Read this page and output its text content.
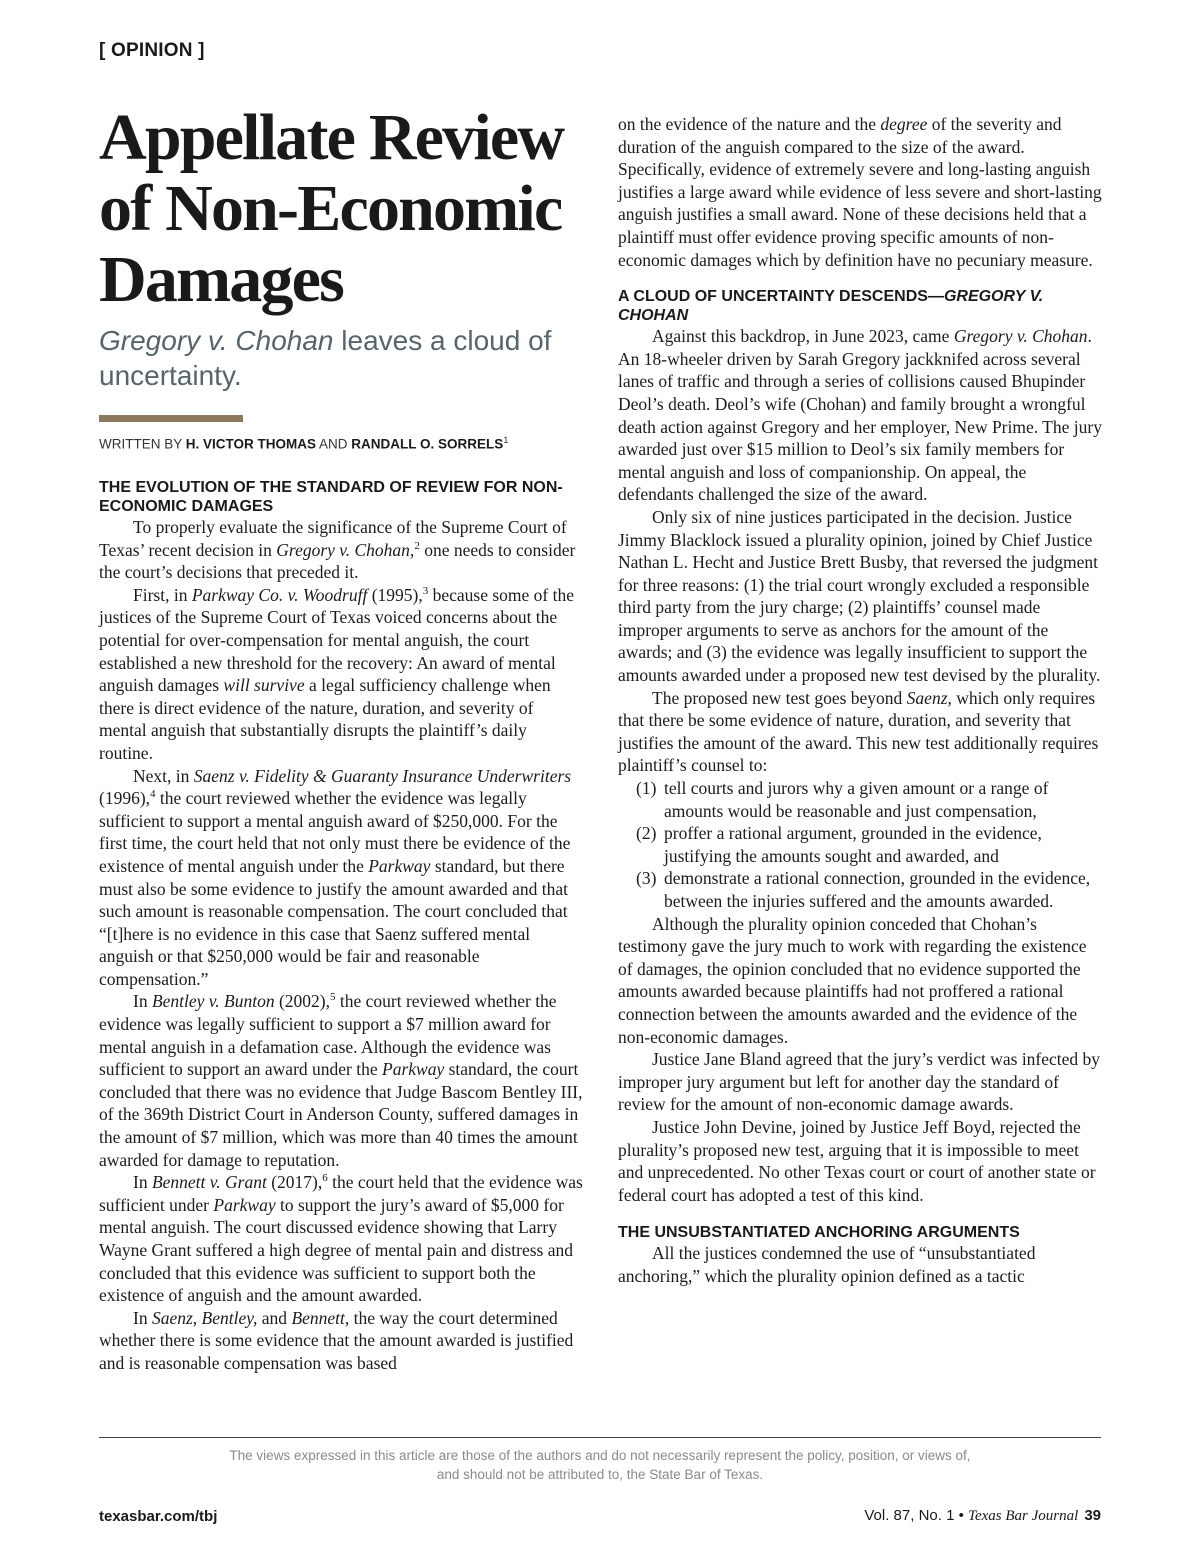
[ OPINION ]
Appellate Review of Non-Economic Damages
Gregory v. Chohan leaves a cloud of uncertainty.
WRITTEN BY H. VICTOR THOMAS AND RANDALL O. SORRELS$^1$
THE EVOLUTION OF THE STANDARD OF REVIEW FOR NON-ECONOMIC DAMAGES

To properly evaluate the significance of the Supreme Court of Texas’ recent decision in Gregory v. Chohan,$^2$ one needs to consider the court’s decisions that preceded it.

First, in Parkway Co. v. Woodruff (1995),$^3$ because some of the justices of the Supreme Court of Texas voiced concerns about the potential for over-compensation for mental anguish, the court established a new threshold for the recovery: An award of mental anguish damages will survive a legal sufficiency challenge when there is direct evidence of the nature, duration, and severity of mental anguish that substantially disrupts the plaintiff’s daily routine.

Next, in Saenz v. Fidelity & Guaranty Insurance Underwriters (1996),$^4$ the court reviewed whether the evidence was legally sufficient to support a mental anguish award of $250,000. For the first time, the court held that not only must there be evidence of the existence of mental anguish under the Parkway standard, but there must also be some evidence to justify the amount awarded and that such amount is reasonable compensation. The court concluded that “[t]here is no evidence in this case that Saenz suffered mental anguish or that $250,000 would be fair and reasonable compensation.”

In Bentley v. Bunton (2002),$^5$ the court reviewed whether the evidence was legally sufficient to support a $7 million award for mental anguish in a defamation case. Although the evidence was sufficient to support an award under the Parkway standard, the court concluded that there was no evidence that Judge Bascom Bentley III, of the 369th District Court in Anderson County, suffered damages in the amount of $7 million, which was more than 40 times the amount awarded for damage to reputation.

In Bennett v. Grant (2017),$^6$ the court held that the evidence was sufficient under Parkway to support the jury’s award of $5,000 for mental anguish. The court discussed evidence showing that Larry Wayne Grant suffered a high degree of mental pain and distress and concluded that this evidence was sufficient to support both the existence of anguish and the amount awarded.

In Saenz, Bentley, and Bennett, the way the court determined whether there is some evidence that the amount awarded is justified and is reasonable compensation was based

on the evidence of the nature and the degree of the severity and duration of the anguish compared to the size of the award. Specifically, evidence of extremely severe and long-lasting anguish justifies a large award while evidence of less severe and short-lasting anguish justifies a small award. None of these decisions held that a plaintiff must offer evidence proving specific amounts of non-economic damages which by definition have no pecuniary measure.

A CLOUD OF UNCERTAINTY DESCENDS—GREGORY V. CHOHAN

Against this backdrop, in June 2023, came Gregory v. Chohan. An 18-wheeler driven by Sarah Gregory jackknifed across several lanes of traffic and through a series of collisions caused Bhupinder Deol’s death. Deol’s wife (Chohan) and family brought a wrongful death action against Gregory and her employer, New Prime. The jury awarded just over $15 million to Deol’s six family members for mental anguish and loss of companionship. On appeal, the defendants challenged the size of the award.

Only six of nine justices participated in the decision. Justice Jimmy Blacklock issued a plurality opinion, joined by Chief Justice Nathan L. Hecht and Justice Brett Busby, that reversed the judgment for three reasons: (1) the trial court wrongly excluded a responsible third party from the jury charge; (2) plaintiffs’ counsel made improper arguments to serve as anchors for the amount of the awards; and (3) the evidence was legally insufficient to support the amounts awarded under a proposed new test devised by the plurality.

The proposed new test goes beyond Saenz, which only requires that there be some evidence of nature, duration, and severity that justifies the amount of the award. This new test additionally requires plaintiff’s counsel to:

(1) tell courts and jurors why a given amount or a range of amounts would be reasonable and just compensation,
(2) proffer a rational argument, grounded in the evidence, justifying the amounts sought and awarded, and
(3) demonstrate a rational connection, grounded in the evidence, between the injuries suffered and the amounts awarded.

Although the plurality opinion conceded that Chohan’s testimony gave the jury much to work with regarding the existence of damages, the opinion concluded that no evidence supported the amounts awarded because plaintiffs had not proffered a rational connection between the amounts awarded and the evidence of the non-economic damages.

Justice Jane Bland agreed that the jury’s verdict was infected by improper jury argument but left for another day the standard of review for the amount of non-economic damage awards.

Justice John Devine, joined by Justice Jeff Boyd, rejected the plurality’s proposed new test, arguing that it is impossible to meet and unprecedented. No other Texas court or court of another state or federal court has adopted a test of this kind.

THE UNSUBSTANTIATED ANCHORING ARGUMENTS

All the justices condemned the use of “unsubstantiated anchoring,” which the plurality opinion defined as a tactic

The views expressed in this article are those of the authors and do not necessarily represent the policy, position, or views of,
and should not be attributed to, the State Bar of Texas.
texasbar.com/tbj	Vol. 87, No. 1 • Texas Bar Journal 39
